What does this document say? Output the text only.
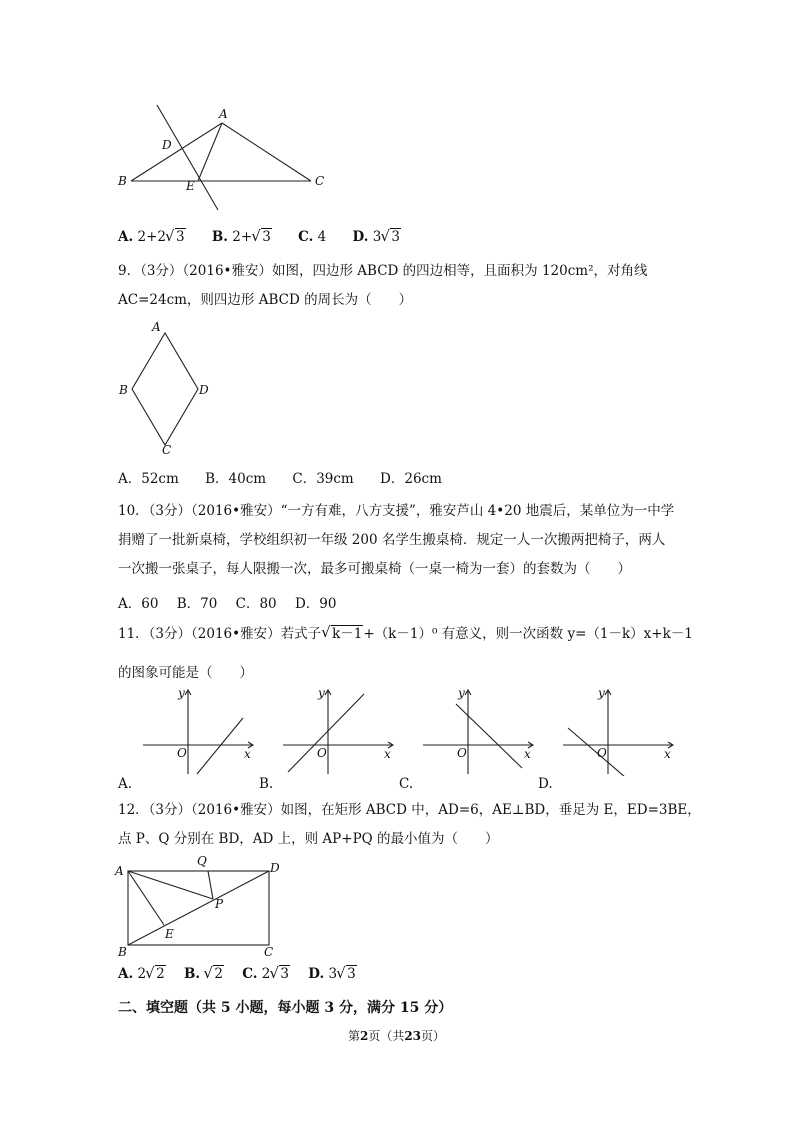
A
D
B	E	C
A. 2+2 √ 3 B. 2+ √ 3 C. 4 D. 3 √ 3
9．（3分）（2016•雅安）如图，四边形 ABCD 的四边相等，且面积为 120cm²，对角线
AC=24cm，则四边形 ABCD 的周长为（　　）
A
B	D
C
A．52cm B．40cm C．39cm D．26cm
10．（3分）（2016•雅安）“一方有难，八方支援”，雅安芦山 4•20 地震后，某单位为一中学
捐赠了一批新桌椅，学校组织初一年级 200 名学生搬桌椅．规定一人一次搬两把椅子，两人
一次搬一张桌子，每人限搬一次，最多可搬桌椅（一桌一椅为一套）的套数为（　　）
A．60 B．70 C．80 D．90
11．（3分）（2016•雅安）若式子 √ k－1+（k－1）⁰ 有意义，则一次函数 y=（1－k）x+k－1
的图象可能是（　　）
y
x
O
y
x
O
y
x
O
y
x
O
A.	B.	C.	D.
12．（3分）（2016•雅安）如图，在矩形 ABCD 中，AD=6，AE⊥BD，垂足为 E，ED=3BE，
点 P、Q 分别在 BD，AD 上，则 AP+PQ 的最小值为（　　）
A
Q	D
P
E
B	C
A. 2 √ 2 B. √ 2 C. 2 √ 3 D. 3 √ 3
二、填空题（共 5 小题，每小题 3 分，满分 15 分）
第2页（共23页）
